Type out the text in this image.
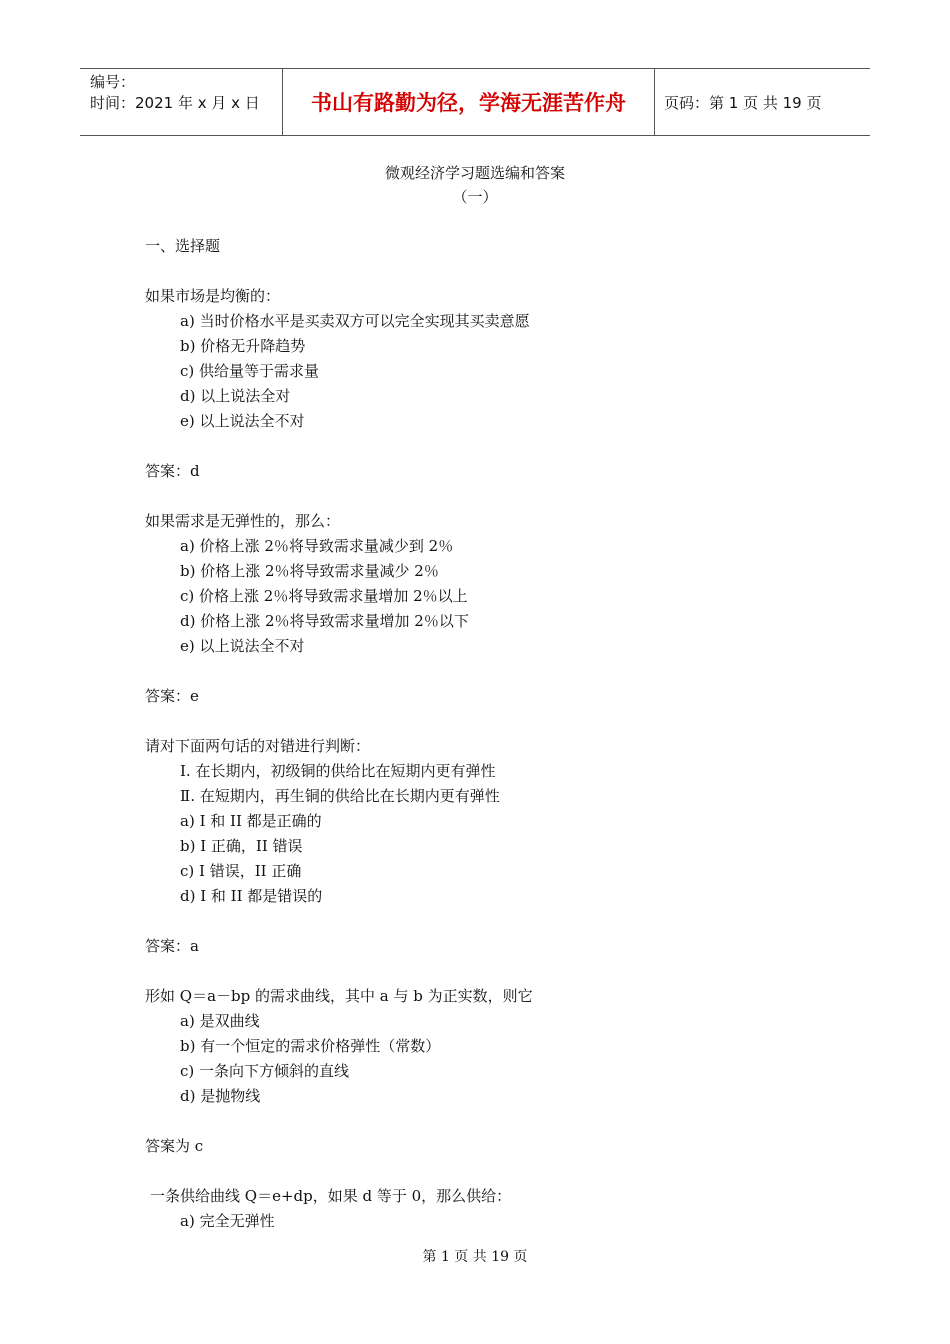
编号：
时间：2021 年 x 月 x 日	书山有路勤为径，学海无涯苦作舟	页码：第 1 页 共 19 页
微观经济学习题选编和答案
（一）
一、选择题
如果市场是均衡的：
a) 当时价格水平是买卖双方可以完全实现其买卖意愿
b) 价格无升降趋势
c) 供给量等于需求量
d) 以上说法全对
e) 以上说法全不对
答案：d
如果需求是无弹性的，那么：
a) 价格上涨 2％将导致需求量减少到 2％
b) 价格上涨 2％将导致需求量减少 2％
c) 价格上涨 2％将导致需求量增加 2％以上
d) 价格上涨 2％将导致需求量增加 2％以下
e) 以上说法全不对
答案：e
请对下面两句话的对错进行判断：
I. 在长期内，初级铜的供给比在短期内更有弹性
Ⅱ. 在短期内，再生铜的供给比在长期内更有弹性
a) I 和 II 都是正确的
b) I 正确，II 错误
c) I 错误，II 正确
d) I 和 II 都是错误的
答案：a
形如 Q＝a－bp 的需求曲线，其中 a 与 b 为正实数，则它
a) 是双曲线
b) 有一个恒定的需求价格弹性（常数）
c) 一条向下方倾斜的直线
d) 是抛物线
答案为 c
一条供给曲线 Q＝e+dp，如果 d 等于 0，那么供给：
a) 完全无弹性
第 1 页 共 19 页
